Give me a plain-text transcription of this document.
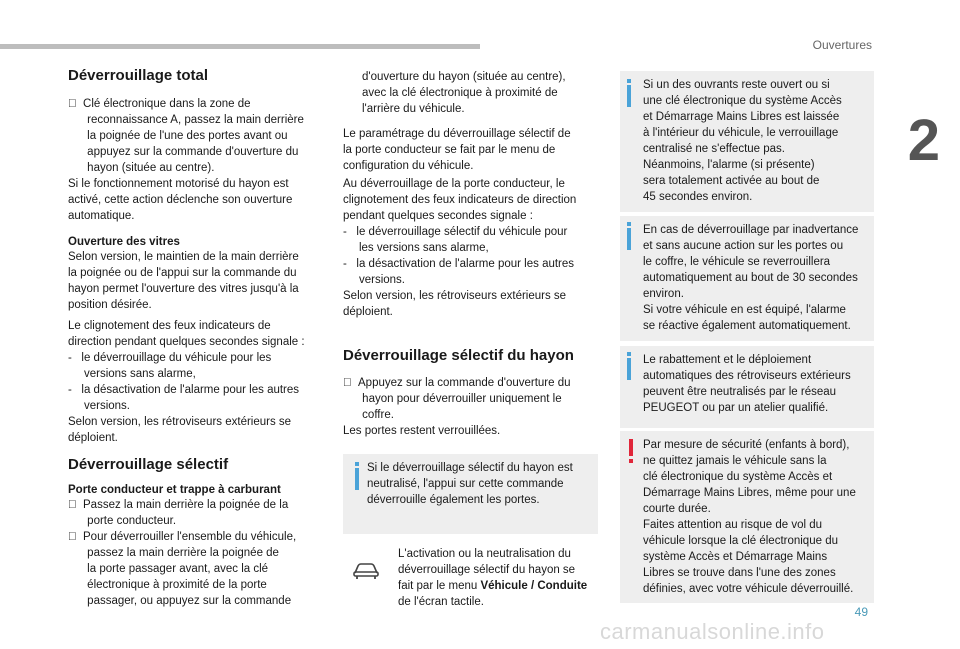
Ouvertures
2
Déverrouillage total
Clé électronique dans la zone de
reconnaissance A, passez la main derrière
la poignée de l'une des portes avant ou
appuyez sur la commande d'ouverture du
hayon (située au centre).
Si le fonctionnement motorisé du hayon est
activé, cette action déclenche son ouverture
automatique.
Ouverture des vitres
Selon version, le maintien de la main derrière
la poignée ou de l'appui sur la commande du
hayon permet l'ouverture des vitres jusqu'à la
position désirée.
Le clignotement des feux indicateurs de
direction pendant quelques secondes signale :
-   le déverrouillage du véhicule pour les
versions sans alarme,
-   la désactivation de l'alarme pour les autres
versions.
Selon version, les rétroviseurs extérieurs se
déploient.
Déverrouillage sélectif
Porte conducteur et trappe à carburant
Passez la main derrière la poignée de la
porte conducteur.
Pour déverrouiller l'ensemble du véhicule,
passez la main derrière la poignée de
la porte passager avant, avec la clé
électronique à proximité de la porte
passager, ou appuyez sur la commande
d'ouverture du hayon (située au centre),
avec la clé électronique à proximité de
l'arrière du véhicule.
Le paramétrage du déverrouillage sélectif de
la porte conducteur se fait par le menu de
configuration du véhicule.
Au déverrouillage de la porte conducteur, le
clignotement des feux indicateurs de direction
pendant quelques secondes signale :
-   le déverrouillage sélectif du véhicule pour
les versions sans alarme,
-   la désactivation de l'alarme pour les autres
versions.
Selon version, les rétroviseurs extérieurs se
déploient.
Déverrouillage sélectif du hayon
Appuyez sur la commande d'ouverture du
hayon pour déverrouiller uniquement le
coffre.
Les portes restent verrouillées.
Si le déverrouillage sélectif du hayon est
neutralisé, l'appui sur cette commande
déverrouille également les portes.
L'activation ou la neutralisation du
déverrouillage sélectif du hayon se
fait par le menu Véhicule / Conduite
de l'écran tactile.
Si un des ouvrants reste ouvert ou si
une clé électronique du système Accès
et Démarrage Mains Libres est laissée
à l'intérieur du véhicule, le verrouillage
centralisé ne s'effectue pas.
Néanmoins, l'alarme (si présente)
sera totalement activée au bout de
45 secondes environ.
En cas de déverrouillage par inadvertance
et sans aucune action sur les portes ou
le coffre, le véhicule se reverrouillera
automatiquement au bout de 30 secondes
environ.
Si votre véhicule en est équipé, l'alarme
se réactive également automatiquement.
Le rabattement et le déploiement
automatiques des rétroviseurs extérieurs
peuvent être neutralisés par le réseau
PEUGEOT ou par un atelier qualifié.
Par mesure de sécurité (enfants à bord),
ne quittez jamais le véhicule sans la
clé électronique du système Accès et
Démarrage Mains Libres, même pour une
courte durée.
Faites attention au risque de vol du
véhicule lorsque la clé électronique du
système Accès et Démarrage Mains
Libres se trouve dans l'une des zones
définies, avec votre véhicule déverrouillé.
49
carmanualsonline.info
